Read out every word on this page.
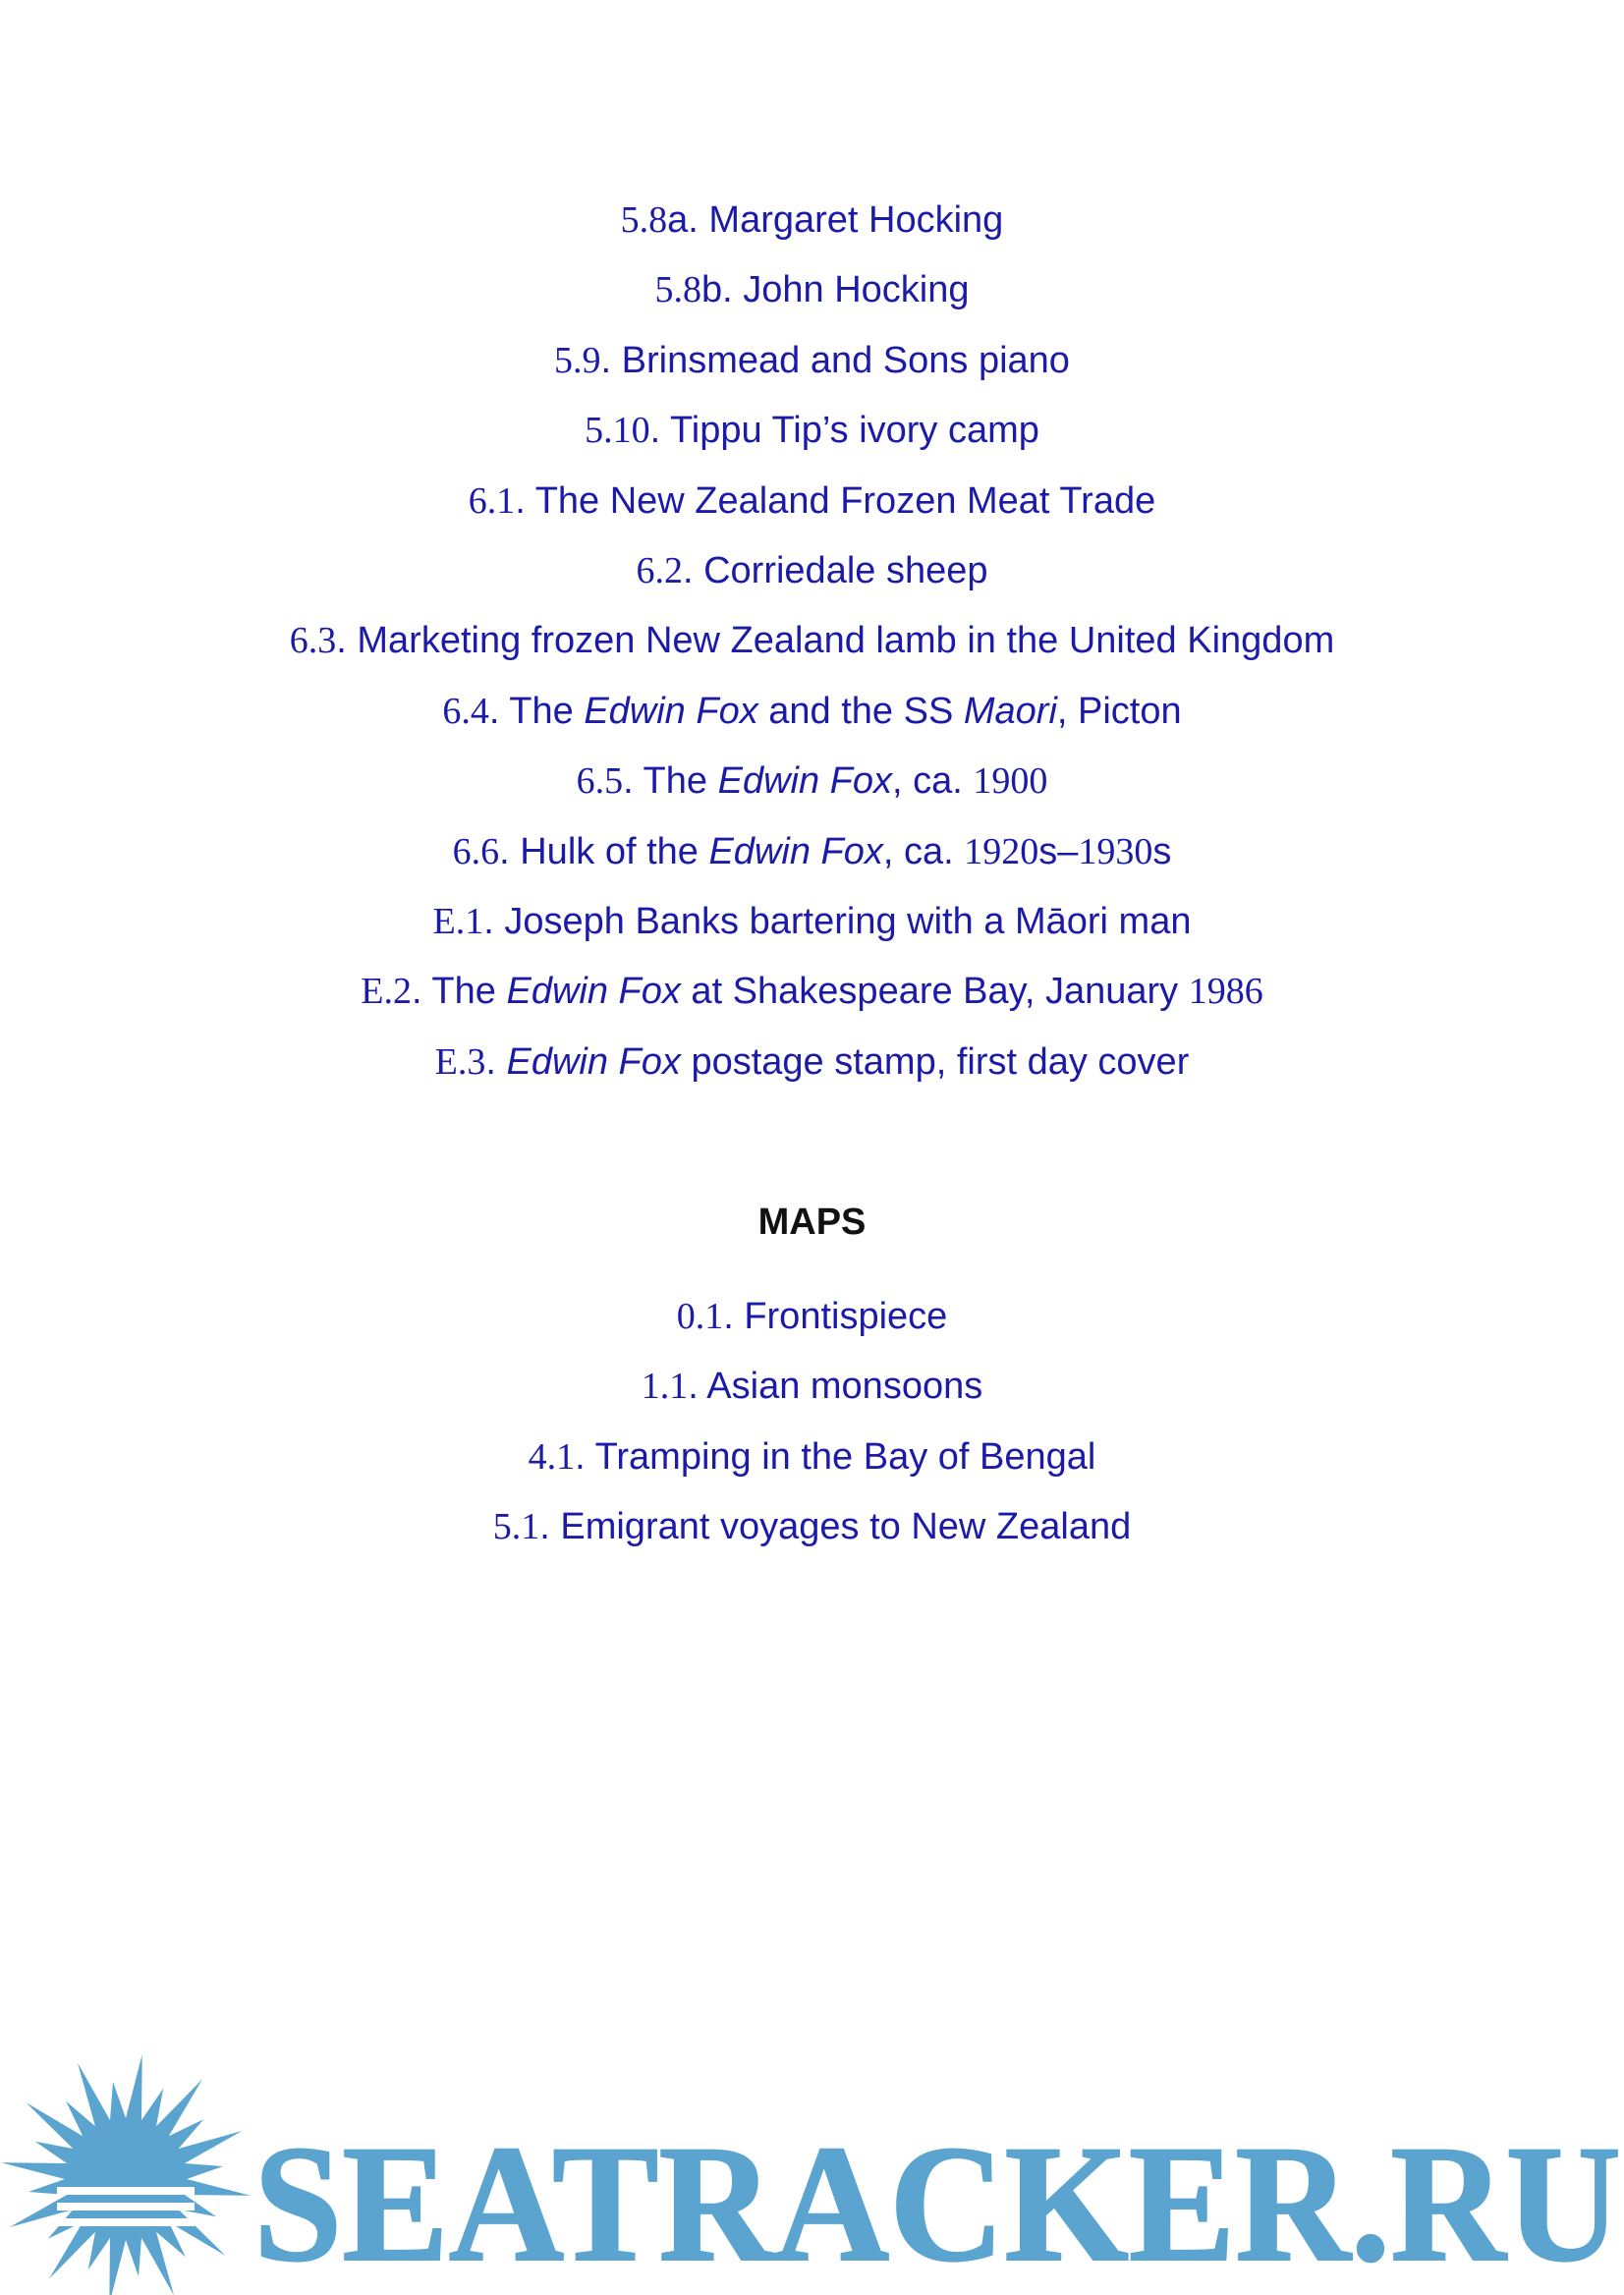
5.8a. Margaret Hocking
5.8b. John Hocking
5.9. Brinsmead and Sons piano
5.10. Tippu Tip’s ivory camp
6.1. The New Zealand Frozen Meat Trade
6.2. Corriedale sheep
6.3. Marketing frozen New Zealand lamb in the United Kingdom
6.4. The Edwin Fox and the SS Maori, Picton
6.5. The Edwin Fox, ca. 1900
6.6. Hulk of the Edwin Fox, ca. 1920s–1930s
E.1. Joseph Banks bartering with a Māori man
E.2. The Edwin Fox at Shakespeare Bay, January 1986
E.3. Edwin Fox postage stamp, first day cover
MAPS
0.1. Frontispiece
1.1. Asian monsoons
4.1. Tramping in the Bay of Bengal
5.1. Emigrant voyages to New Zealand
SEATRACKER.RU
